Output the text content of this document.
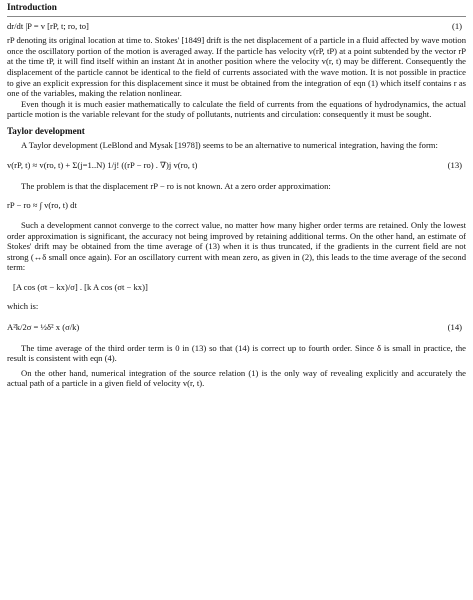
Introduction
dr/dt |P = v [rP, t; ro, to]	(1)

rP denoting its original location at time to. Stokes' [1849] drift is the net displacement of a particle in a fluid affected by wave motion once the oscillatory portion of the motion is averaged away. If the particle has velocity v(rP, tP) at a point subtended by the vector rP at the time tP, it will find itself within an instant Δt in another position where the velocity v(r, t) may be different. Consequently the displacement of the particle cannot be identical to the field of currents associated with the wave motion. It is not possible in practice to give an explicit expression for this displacement since it must be obtained from the integration of eqn (1) which itself contains r as one of the variables, making the relation nonlinear.

Even though it is much easier mathematically to calculate the field of currents from the equations of hydrodynamics, the actual particle motion is the variable relevant for the study of pollutants, nutrients and circulation: consequently it must be sought.

Taylor development

A Taylor development (LeBlond and Mysak [1978]) seems to be an alternative to numerical integration, having the form:

v(rP, t) ≈ v(ro, t) + Σ(j=1..N) 1/j! ((rP − ro) . ∇)j v(ro, t)	(13)

The problem is that the displacement rP − ro is not known. At a zero order approximation:

rP − ro ≈ ∫ v(ro, t) dt

Such a development cannot converge to the correct value, no matter how many higher order terms are retained. Only the lowest order approximation is significant, the accuracy not being improved by retaining additional terms. On the other hand, an estimate of Stokes' drift may be obtained from the time average of (13) when it is thus truncated, if the gradients in the current field are not strong (↔δ small once again). For an oscillatory current with mean zero, as given in (2), this leads to the time average of the second term:

[A cos (σt − kx)/σ] . [k A cos (σt − kx)]

which is:

A²k/2σ = ½δ² x (σ/k)	(14)

The time average of the third order term is 0 in (13) so that (14) is correct up to fourth order. Since δ is small in practice, the result is consistent with eqn (4).

On the other hand, numerical integration of the source relation (1) is the only way of revealing explicitly and accurately the actual path of a particle in a given field of velocity v(r, t).
